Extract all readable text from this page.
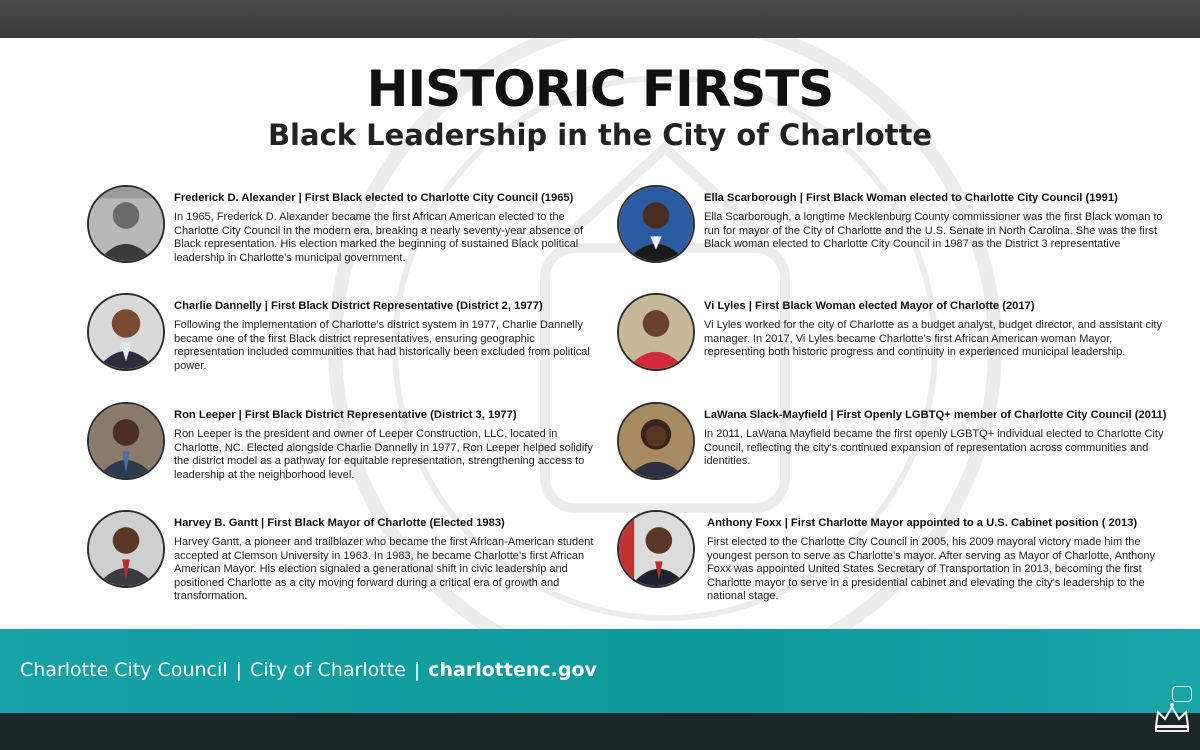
HISTORIC FIRSTS
Black Leadership in the City of Charlotte
Frederick D. Alexander | First Black elected to Charlotte City Council (1965)
In 1965, Frederick D. Alexander became the first African American elected to the Charlotte City Council in the modern era, breaking a nearly seventy-year absence of Black representation. His election marked the beginning of sustained Black political leadership in Charlotte’s municipal government.
Charlie Dannelly | First Black District Representative (District 2, 1977)
Following the implementation of Charlotte’s district system in 1977, Charlie Dannelly became one of the first Black district representatives, ensuring geographic representation included communities that had historically been excluded from political power.
Ron Leeper | First Black District Representative (District 3, 1977)
Ron Leeper is the president and owner of Leeper Construction, LLC, located in Charlotte, NC. Elected alongside Charlie Dannelly in 1977, Ron Leeper helped solidify the district model as a pathway for equitable representation, strengthening access to leadership at the neighborhood level.
Harvey B. Gantt | First Black Mayor of Charlotte (Elected 1983)
Harvey Gantt, a pioneer and trailblazer who became the first African-American student accepted at Clemson University in 1963. In 1983, he became Charlotte’s first African American Mayor. His election signaled a generational shift in civic leadership and positioned Charlotte as a city moving forward during a critical era of growth and transformation.
Ella Scarborough | First Black Woman elected to Charlotte City Council (1991)
Ella Scarborough, a longtime Mecklenburg County commissioner was the first Black woman to run for mayor of the City of Charlotte and the U.S. Senate in North Carolina. She was the first Black woman elected to Charlotte City Council in 1987 as the District 3 representative
Vi Lyles | First Black Woman elected Mayor of Charlotte (2017)
Vi Lyles worked for the city of Charlotte as a budget analyst, budget director, and assistant city manager. In 2017, Vi Lyles became Charlotte’s first African American woman Mayor, representing both historic progress and continuity in experienced municipal leadership.
LaWana Slack-Mayfield | First Openly LGBTQ+ member of Charlotte City Council (2011)
In 2011, LaWana Mayfield became the first openly LGBTQ+ individual elected to Charlotte City Council, reflecting the city’s continued expansion of representation across communities and identities.
Anthony Foxx | First Charlotte Mayor appointed to a U.S. Cabinet position ( 2013)
First elected to the Charlotte City Council in 2005, his 2009 mayoral victory made him the youngest person to serve as Charlotte’s mayor. After serving as Mayor of Charlotte, Anthony Foxx was appointed United States Secretary of Transportation in 2013, becoming the first Charlotte mayor to serve in a presidential cabinet and elevating the city’s leadership to the national stage.
Charlotte City Council | City of Charlotte | charlottenc.gov
